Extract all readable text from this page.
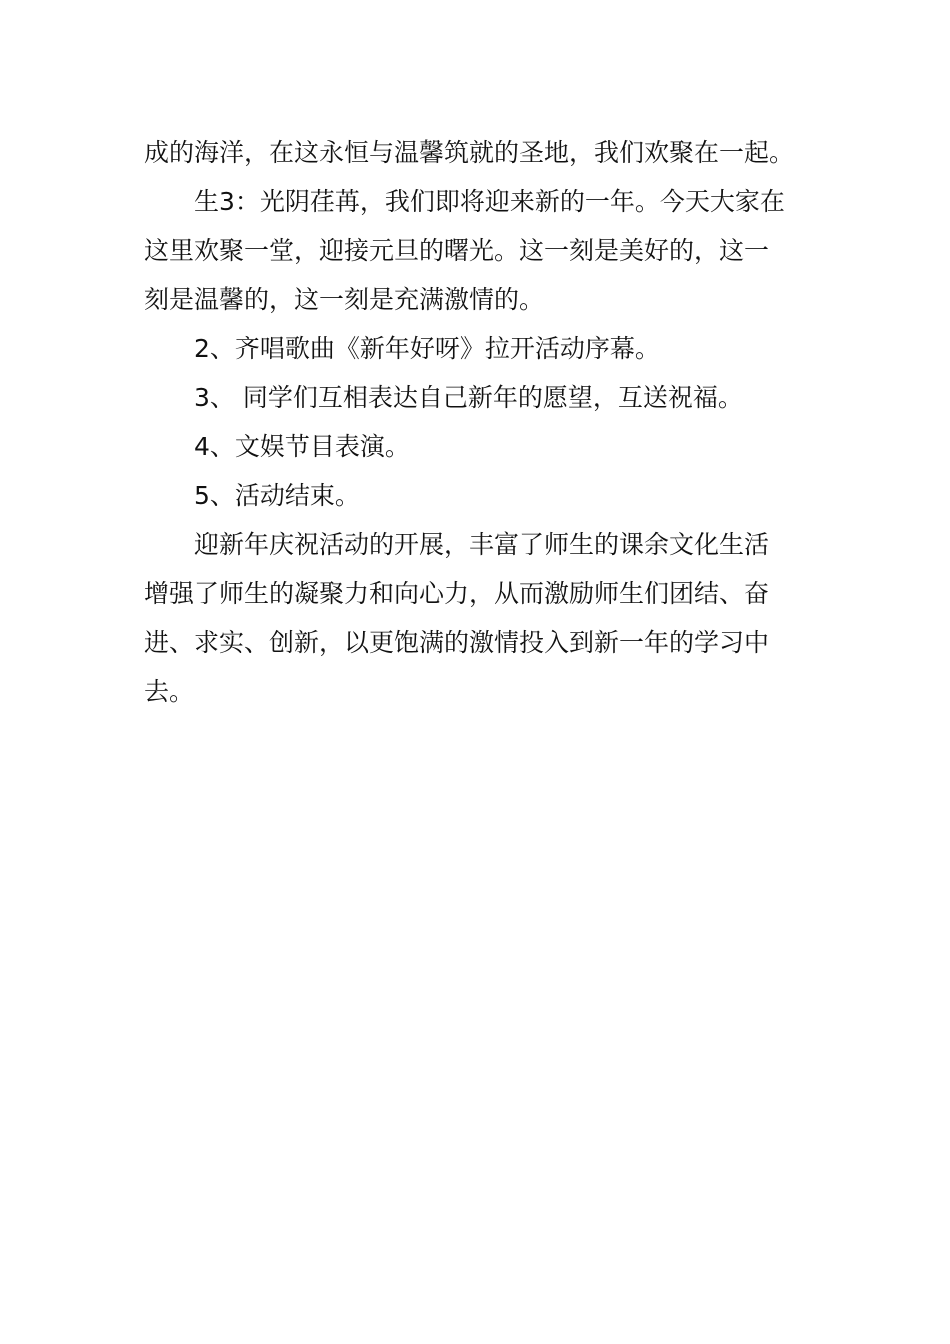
成的海洋，在这永恒与温馨筑就的圣地，我们欢聚在一起。
生3：光阴荏苒，我们即将迎来新的一年。今天大家在
这里欢聚一堂，迎接元旦的曙光。这一刻是美好的，这一
刻是温馨的，这一刻是充满激情的。
2、齐唱歌曲《新年好呀》拉开活动序幕。
3、 同学们互相表达自己新年的愿望，互送祝福。
4、文娱节目表演。
5、活动结束。
迎新年庆祝活动的开展，丰富了师生的课余文化生活
增强了师生的凝聚力和向心力，从而激励师生们团结、奋
进、求实、创新，以更饱满的激情投入到新一年的学习中
去。
